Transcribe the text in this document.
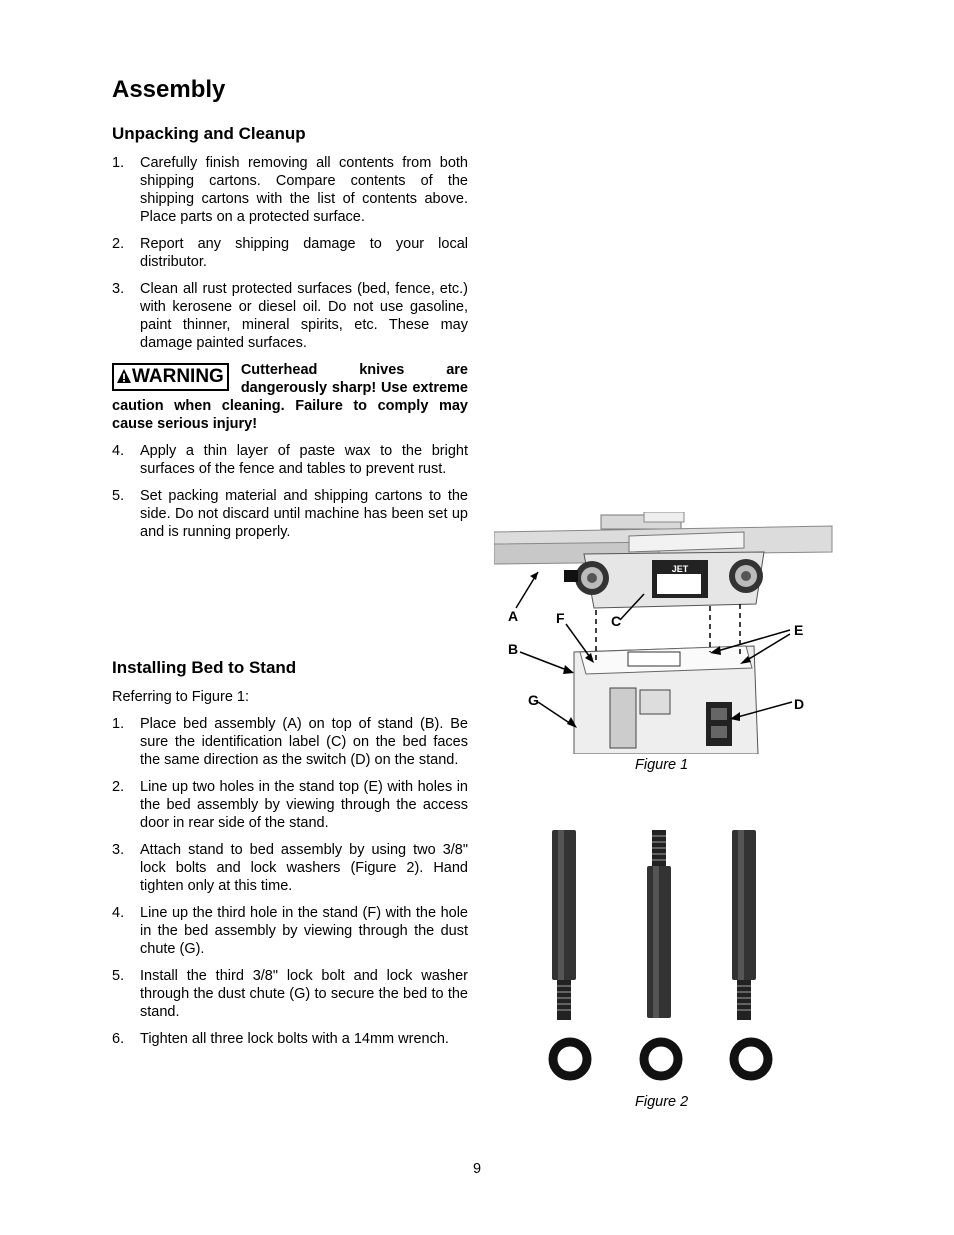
Assembly
Unpacking and Cleanup
1.	Carefully finish removing all contents from both shipping cartons. Compare contents of the shipping cartons with the list of contents above. Place parts on a protected surface.
2.	Report any shipping damage to your local distributor.
3.	Clean all rust protected surfaces (bed, fence, etc.) with kerosene or diesel oil. Do not use gasoline, paint thinner, mineral spirits, etc. These may damage painted surfaces.
WARNING	Cutterhead knives are dangerously sharp! Use extreme caution when cleaning. Failure to comply may cause serious injury!
4.	Apply a thin layer of paste wax to the bright surfaces of the fence and tables to prevent rust.
5.	Set packing material and shipping cartons to the side. Do not discard until machine has been set up and is running properly.
Installing Bed to Stand
Referring to Figure 1:
1.	Place bed assembly (A) on top of stand (B). Be sure the identification label (C) on the bed faces the same direction as the switch (D) on the stand.
2.	Line up two holes in the stand top (E) with holes in the bed assembly by viewing through the access door in rear side of the stand.
3.	Attach stand to bed assembly by using two 3/8" lock bolts and lock washers (Figure 2). Hand tighten only at this time.
4.	Line up the third hole in the stand (F) with the hole in the bed assembly by viewing through the dust chute (G).
5.	Install the third 3/8" lock bolt and lock washer through the dust chute (G) to secure the bed to the stand.
6.	Tighten all three lock bolts with a 14mm wrench.
JET
A
B
F	C
E
G	D
Figure 1
Figure 2
9
